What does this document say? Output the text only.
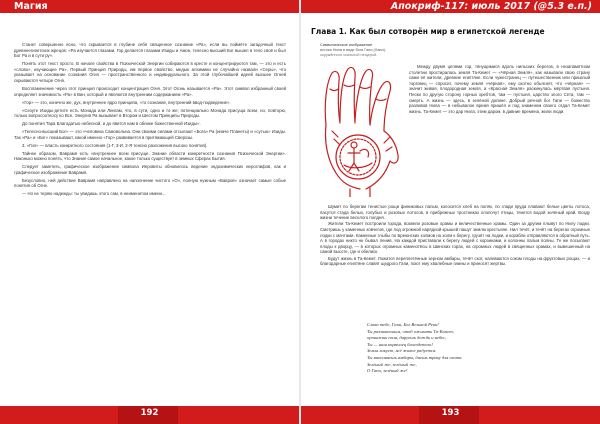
Магия

Станет совершенно ясно, что скрывается в глубине себя священное сознание «Ра», если вы поймёте загадочный текст древнеегипетских жрецов: «Ра изучается глазами, Гор делается глазами Изиды и Амон, телесно высший Бог вышел в тело своё и был Бог Ра и в сути ру».

Понять этот текст просто. В начале свойства в Психической Энергии собираются в кресте и концентрируются там, — это и есть «слово», изучающее Ра». Первый Принцип Природы, им первое свойство, медью алхимики не случайно назвали «Серы», что указывает на основание сознания Огня — пространственного и индивидуального. За этой глубочайшей идеей высшее Огней скрываются четыре Огня.

Воспламенение через этот принцип происходит концентрация Огня. Этот Огонь называется «Ра». Этот символ избранный своей определяет значимость «Ра» в Вин, который и являются внутренним содержанием «Ра».

«Гор» — это, конечно же, дух, внутреннее ядро принципа, «то сознание, внутренний ввод-подведение».

«Сезуте Изиды-детите есть Монада или Лингам, что, в сути, одно и то же; потенциально Монада присуща всем, но, повторю, только вопросоотносу ко Все. Энергия Ра вызывает в Втором и Шестом Принципы Природы.

До понятия Тара Благодатью небесной, и до явится нам в облике божественной Изиды».

«Телесно-высший Бог» — это «человека Самовольна. Они своими силами отсылают «Бога» Ра (иначе Планеты) и «сутью» Изиды. Так «Ра» и «Бог» показывают, какой именно «Гор» развивается в притяжающей Сверхзы.

3. «Гил» — власть конкретного состояния (1-Г, 3-И, 2-Я тенсио разложения высоко понятия).

Тайнее образом, Ваврамя есть «внутреннее всем присуще. Знание области конкретности сознания Психической Энергии». Наконько можно понять, что Знание самое начальное, какое только существует в земных Сферах Бытия.

Следует заметить, графическое изображение символа Иеровиты обновилось ведение эндохимических иероглифов, как и графическое изображение Ваврамя.

Безусловно, ней действие Ваврамя направлено на наполнение чистого «О», полную нужным «Вавров» означает самые собые понятия об Огне.

— Но не теряю надежды: ты увидишь этого сам, в неименитом имени...

192
Апокриф-117: июль 2017 (@5.3 е.п.)
Глава 1. Как был сотворён мир в египетской легенде
Символическое изображение
истока Нила в виде бога Гапи (Хапи),
окружённого скальной пещерой.

Между двумя цепями гор, тянущимися вдоль нильских берегов, в незапамятном столетии простиралась земля Та-Кемет — «Чёрная Земля», как называли свою страну сами её жители, древние египтяне. Если чужестранец — путешественник или пришлый торговец — спросит, почему земля «чёрная», ему охотно объяснят, что «чёрная» — значит живая, плодородная земля, а «Красная Земля» раскинулась мёртвая пустыня. Пески по другую сторону горных хребтов, там — пустыня, царство злого Сета, там — смерть. А жизнь — здесь, в зелёной долине. Добрый речной бог Гапи — божество разливов Нила — в небывалое время пришёл и под знаменем своего отдал Та-Кемет жизнь. Та-Кемет — это дар Нила, этим даром, в давние времена, жили люди.

Шумит по берегам тенистые рощи финиковых пальм, колосится хлеб на полях, по глади пруда плавают белые цветы лотоса, пасутся стада белых, голубых и розовых лотосов, в прибрежных тростниках хлопочут птицы, тянется водой зелёный край. Возду жизни течение веселого полдня.

Жители Та-Кемет построили города, возвели розовые храмы и величественные храмы. Один за другим плывут по Нилу лодки. Смотришь у каменных ковчегов, где под огромной нарядной крышей пашут землю крестьяне. Нил течёт, и течёт на берегах огромные лодки с мачтами. Каменные глыбы по Бреюнских холмов на холм к берегу, грузят на лодки, и корабли отправляются в обратный путь. А в городах никто не бывал ленив. На каждой приставали к берегу людей с корзинами, и колонны пальм полны. Те же посылают плоды к дворцу, — в которых огромных каменотёсы в Шинских горах, на огромных людей в священных храмах, и вывешенный на самой высоте, где и обелиск.

Будут жизнь в Та-Кемет. Ложатся переплетённые зерном амбары, течёт скот, наливаются соком плоды на фруктовых рощах, — и благодарные египтяне славят щедрого Гапи, поют ему хвалебные гимны и приносят жертвы.

Слава тебе, Гапи, Бог Великой Реки!
Ты разливаешься, чтоб оживить Та-Кемет,
орошаешь поля, даруешь дождь и небес,
Ты — наш кормилец благодетель!
Земля ликует, всё живое радуется.
Ты наполняешь амбары, даешь траву для скота.
Зелёный же, зелёный же,
О Гапи, зелёный же!
193
